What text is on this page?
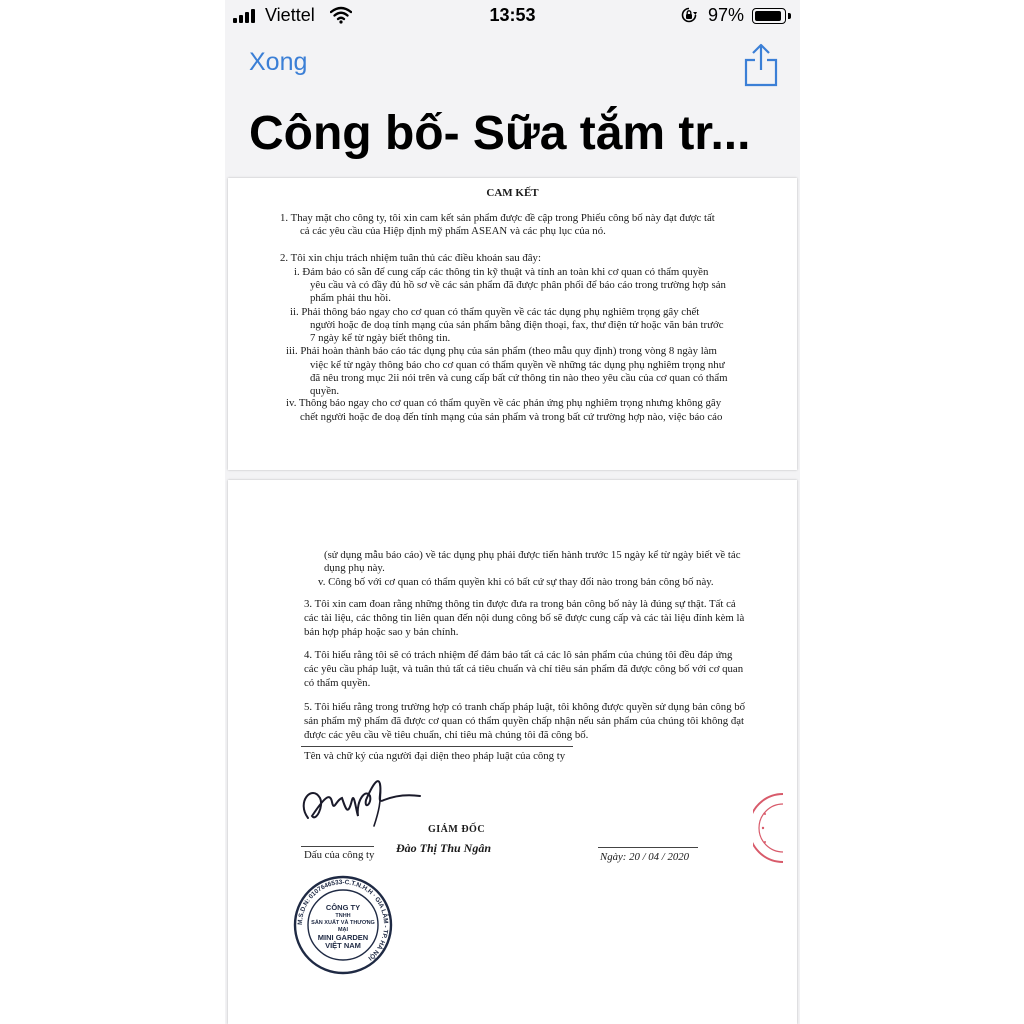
Viettel	13:53	97%
Xong
Công bố- Sữa tắm tr...
CAM KẾT
1. Thay mặt cho công ty, tôi xin cam kết sản phẩm được đề cập trong Phiếu công bố này đạt được tất
cả các yêu cầu của Hiệp định mỹ phẩm ASEAN và các phụ lục của nó.
2. Tôi xin chịu trách nhiệm tuân thủ các điều khoản sau đây:
i. Đảm bảo có sẵn để cung cấp các thông tin kỹ thuật và tính an toàn khi cơ quan có thẩm quyền
yêu cầu và có đầy đủ hồ sơ về các sản phẩm đã được phân phối để báo cáo trong trường hợp sản
phẩm phải thu hồi.
ii. Phải thông báo ngay cho cơ quan có thẩm quyền về các tác dụng phụ nghiêm trọng gây chết
người hoặc đe doạ tính mạng của sản phẩm bằng điện thoại, fax, thư điện tử hoặc văn bản trước
7 ngày kể từ ngày biết thông tin.
iii. Phải hoàn thành báo cáo tác dụng phụ của sản phẩm (theo mẫu quy định) trong vòng 8 ngày làm
việc kể từ ngày thông báo cho cơ quan có thẩm quyền về những tác dụng phụ nghiêm trọng như
đã nêu trong mục 2ii nói trên và cung cấp bất cứ thông tin nào theo yêu cầu của cơ quan có thẩm
quyền.
iv. Thông báo ngay cho cơ quan có thẩm quyền về các phản ứng phụ nghiêm trọng nhưng không gây
chết người hoặc đe doạ đến tính mạng của sản phẩm và trong bất cứ trường hợp nào, việc báo cáo
(sử dụng mẫu báo cáo) về tác dụng phụ phải được tiến hành trước 15 ngày kể từ ngày biết về tác
dụng phụ này.
v. Công bố với cơ quan có thẩm quyền khi có bất cứ sự thay đổi nào trong bản công bố này.
3. Tôi xin cam đoan rằng những thông tin được đưa ra trong bản công bố này là đúng sự thật. Tất cả
các tài liệu, các thông tin liên quan đến nội dung công bố sẽ được cung cấp và các tài liệu đính kèm là
bản hợp pháp hoặc sao y bản chính.
4. Tôi hiểu rằng tôi sẽ có trách nhiệm để đảm bảo tất cả các lô sản phẩm của chúng tôi đều đáp ứng
các yêu cầu pháp luật, và tuân thủ tất cả tiêu chuẩn và chỉ tiêu sản phẩm đã được công bố với cơ quan
có thẩm quyền.
5. Tôi hiểu rằng trong trường hợp có tranh chấp pháp luật, tôi không được quyền sử dụng bản công bố
sản phẩm mỹ phẩm đã được cơ quan có thẩm quyền chấp nhận nếu sản phẩm của chúng tôi không đạt
được các yêu cầu về tiêu chuẩn, chỉ tiêu mà chúng tôi đã công bố.
Tên và chữ ký của người đại diện theo pháp luật của công ty
GIÁM ĐỐC
Đào Thị Thu Ngân
Dấu của công ty	Ngày: 20 / 04 / 2020
M.S.D.N: 0107646533-C.T.N.H.H · GIA LÂM - TP. HÀ NỘI
CÔNG TY
TNHH
SẢN XUẤT VÀ THƯƠNG MẠI
MINI GARDEN
VIỆT NAM
